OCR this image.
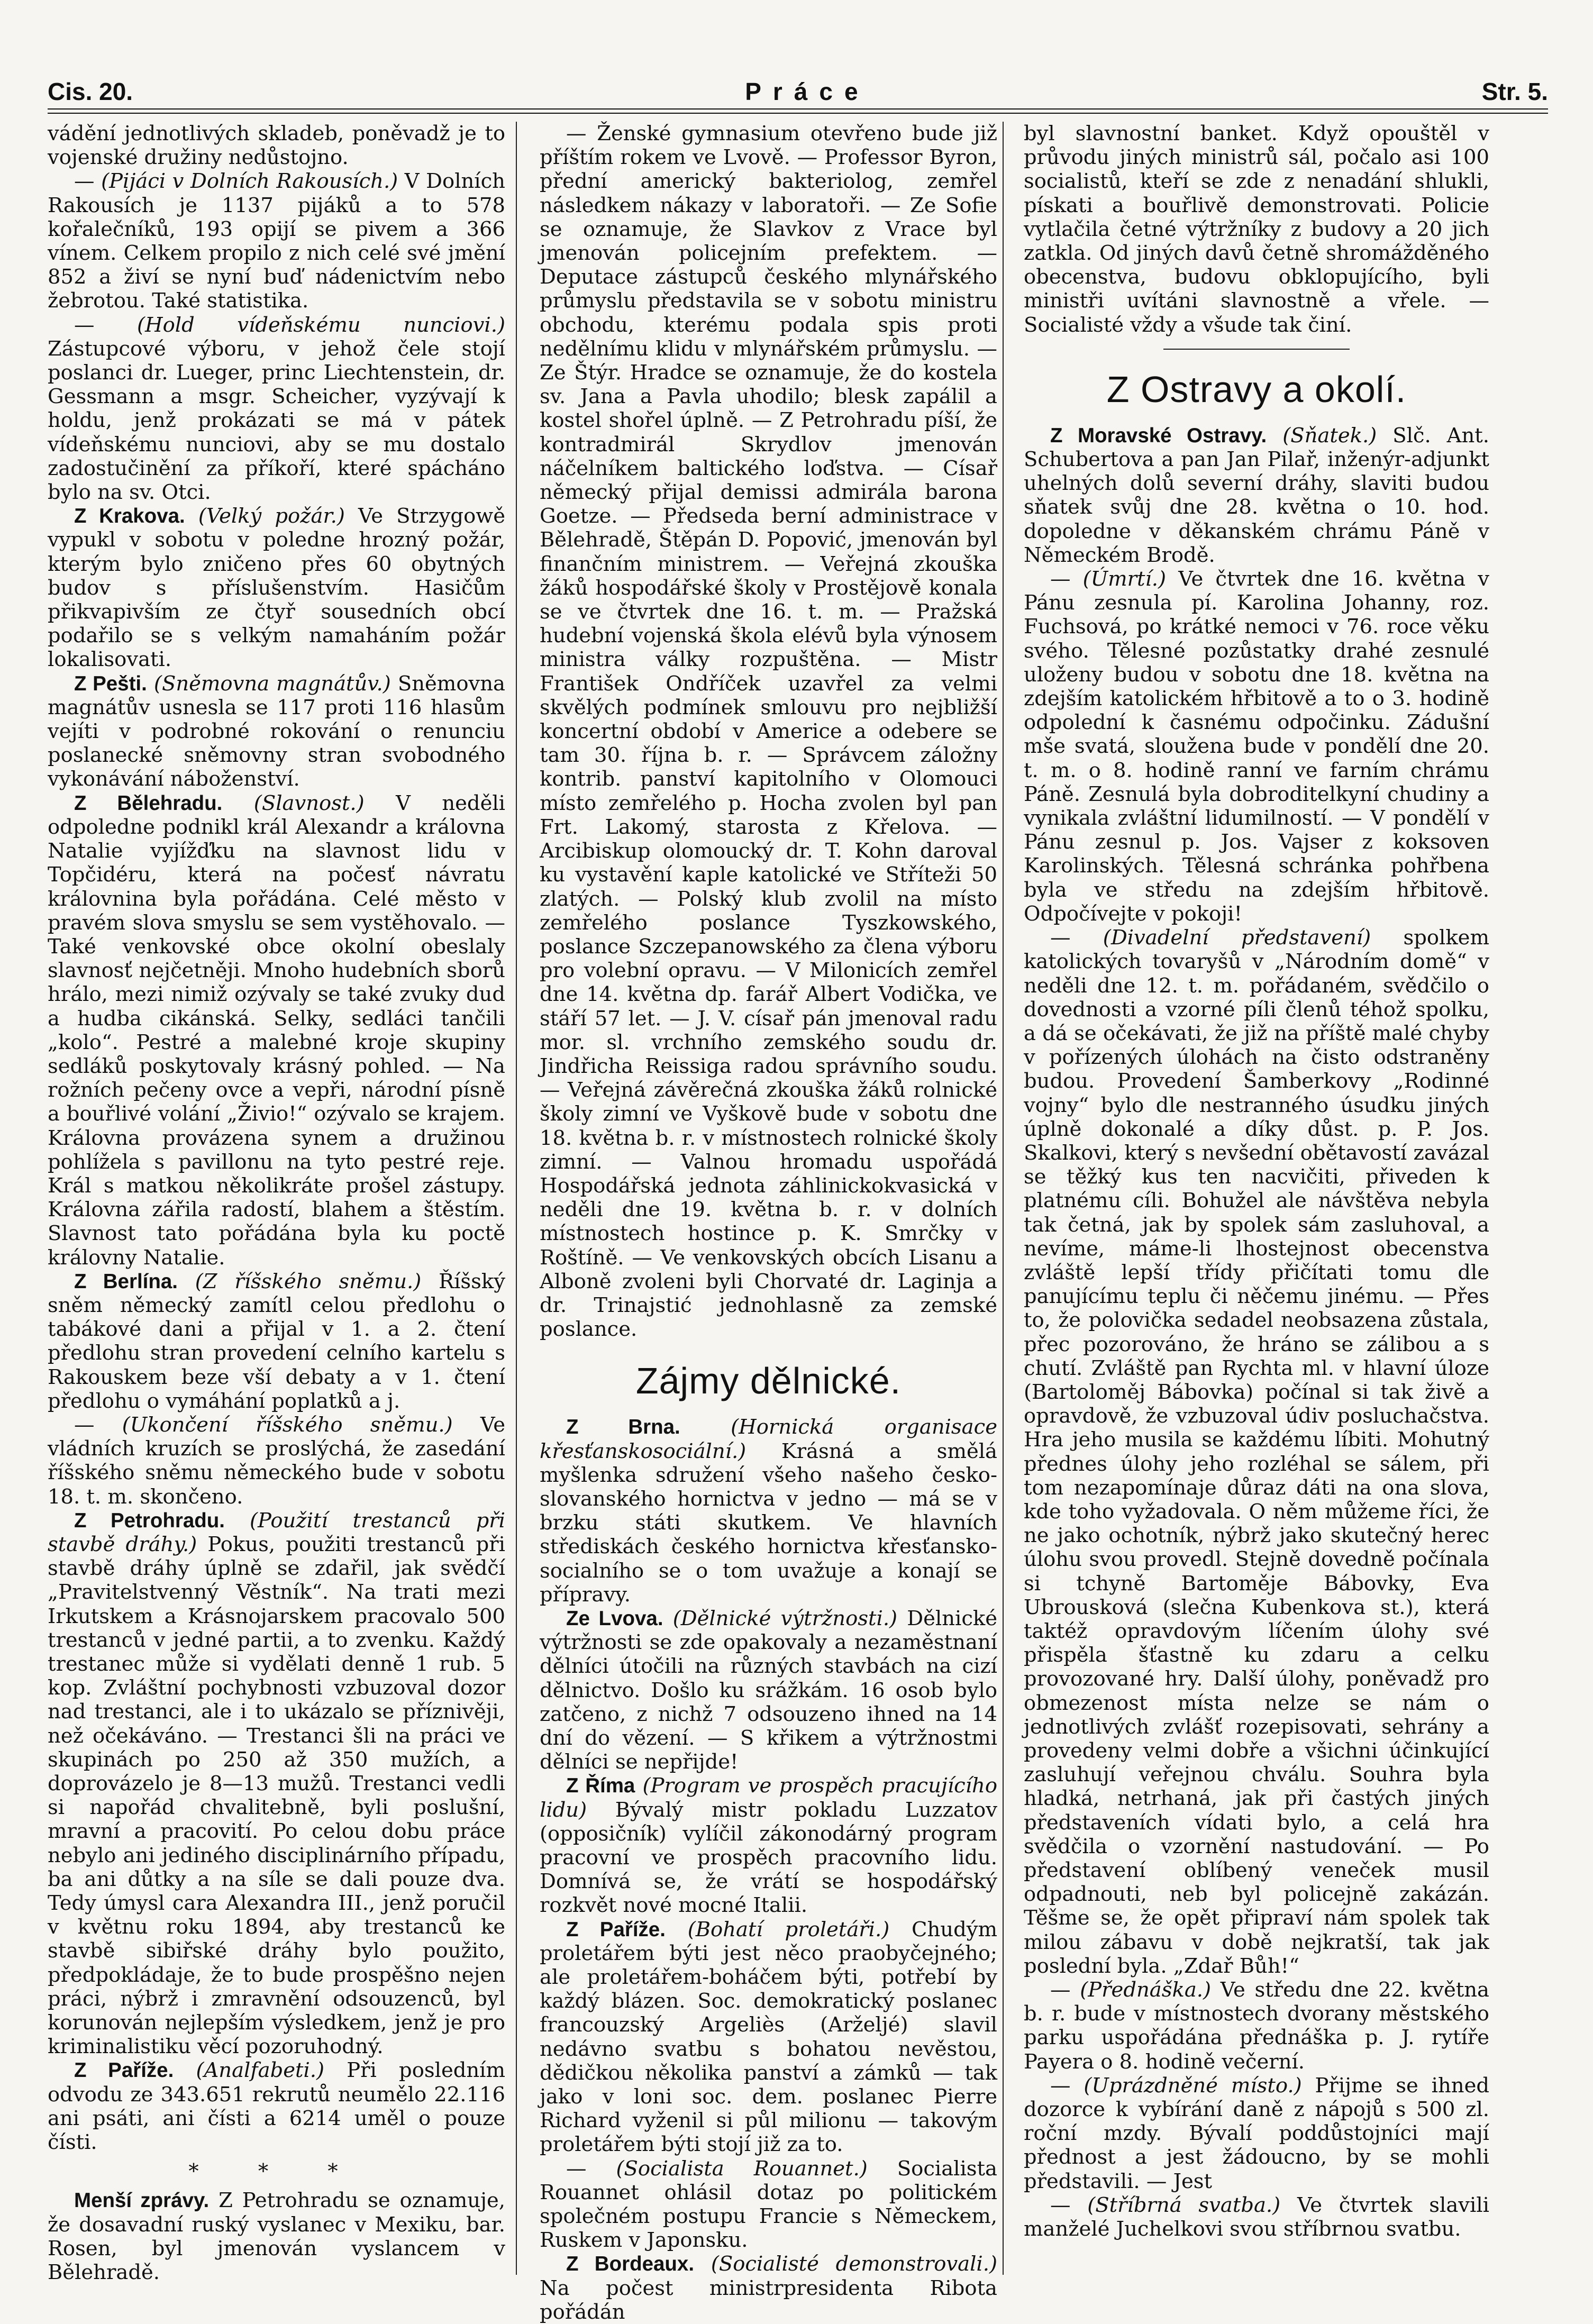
Cis. 20.	Práce	Str. 5.

vádění jednotlivých skladeb, poněvadž je to vojenské družiny nedůstojno.

— (Pijáci v Dolních Rakousích.) V Dolních Rakousích je 1137 pijáků a to 578 kořalečníků, 193 opijí se pivem a 366 vínem. Celkem propilo z nich celé své jmění 852 a živí se nyní buď nádenictvím nebo žebrotou. Také statistika.

— (Hold vídeňskému nunciovi.) Zástupcové výboru, v jehož čele stojí poslanci dr. Lueger, princ Liechtenstein, dr. Gessmann a msgr. Scheicher, vyzývají k holdu, jenž prokázati se má v pátek vídeňskému nunciovi, aby se mu dostalo zadostučinění za příkoří, které spácháno bylo na sv. Otci.

Z Krakova. (Velký požár.) Ve Strzygowě vypukl v sobotu v poledne hrozný požár, kterým bylo zničeno přes 60 obytných budov s příslušenstvím. Hasičům přikvapivším ze čtyř sousedních obcí podařilo se s velkým namaháním požár lokalisovati.

Z Pešti. (Sněmovna magnátův.) Sněmovna magnátův usnesla se 117 proti 116 hlasům vejíti v podrobné rokování o renunciu poslanecké sněmovny stran svobodného vykonávání náboženství.

Z Bělehradu. (Slavnost.) V neděli odpoledne podnikl král Alexandr a královna Natalie vyjížďku na slavnost lidu v Topčidéru, která na počesť návratu královnina byla pořádána. Celé město v pravém slova smyslu se sem vystěhovalo. — Také venkovské obce okolní obeslaly slavnosť nejčetněji. Mnoho hudebních sborů hrálo, mezi nimiž ozývaly se také zvuky dud a hudba cikánská. Selky, sedláci tančili „kolo“. Pestré a malebné kroje skupiny sedláků poskytovaly krásný pohled. — Na rožních pečeny ovce a vepři, národní písně a bouřlivé volání „Živio!“ ozývalo se krajem. Královna provázena synem a družinou pohlížela s pavillonu na tyto pestré reje. Král s matkou několikráte prošel zástupy. Královna zářila radostí, blahem a štěstím. Slavnost tato pořádána byla ku poctě královny Natalie.

Z Berlína. (Z říšského sněmu.) Říšský sněm německý zamítl celou předlohu o tabákové dani a přijal v 1. a 2. čtení předlohu stran provedení celního kartelu s Rakouskem beze vší debaty a v 1. čtení předlohu o vymáhání poplatků a j.

— (Ukončení říšského sněmu.) Ve vládních kruzích se proslýchá, že zasedání říšského sněmu německého bude v sobotu 18. t. m. skončeno.

Z Petrohradu. (Použití trestanců při stavbě dráhy.) Pokus, použiti trestanců při stavbě dráhy úplně se zdařil, jak svědčí „Pravitelstvenný Věstník“. Na trati mezi Irkutskem a Krásnojarskem pracovalo 500 trestanců v jedné partii, a to zvenku. Každý trestanec může si vydělati denně 1 rub. 5 kop. Zvláštní pochybnosti vzbuzoval dozor nad trestanci, ale i to ukázalo se příznivěji, než očekáváno. — Trestanci šli na práci ve skupinách po 250 až 350 mužích, a doprovázelo je 8—13 mužů. Trestanci vedli si napořád chvalitebně, byli poslušní, mravní a pracovití. Po celou dobu práce nebylo ani jediného disciplinárního případu, ba ani důtky a na síle se dali pouze dva. Tedy úmysl cara Alexandra III., jenž poručil v květnu roku 1894, aby trestanců ke stavbě sibiřské dráhy bylo použito, předpokládaje, že to bude prospěšno nejen práci, nýbrž i zmravnění odsouzenců, byl korunován nejlepším výsledkem, jenž je pro kriminalistiku věcí pozoruhodný.

Z Paříže. (Analfabeti.) Při posledním odvodu ze 343.651 rekrutů neumělo 22.116 ani psáti, ani čísti a 6214 uměl o pouze čísti.

* * *

Menší zprávy. Z Petrohradu se oznamuje, že dosavadní ruský vyslanec v Mexiku, bar. Rosen, byl jmenován vyslancem v Bělehradě.

— Ženské gymnasium otevřeno bude již příštím rokem ve Lvově. — Professor Byron, přední americký bakteriolog, zemřel následkem nákazy v laboratoři. — Ze Sofie se oznamuje, že Slavkov z Vrace byl jmenován policejním prefektem. — Deputace zástupců českého mlynářského průmyslu představila se v sobotu ministru obchodu, kterému podala spis proti nedělnímu klidu v mlynářském průmyslu. — Ze Štýr. Hradce se oznamuje, že do kostela sv. Jana a Pavla uhodilo; blesk zapálil a kostel shořel úplně. — Z Petrohradu píší, že kontradmirál Skrydlov jmenován náčelníkem baltického loďstva. — Císař německý přijal demissi admirála barona Goetze. — Předseda berní administrace v Bělehradě, Štěpán D. Popović, jmenován byl finančním ministrem. — Veřejná zkouška žáků hospodářské školy v Prostějově konala se ve čtvrtek dne 16. t. m. — Pražská hudební vojenská škola elévů byla výnosem ministra války rozpuštěna. — Mistr František Ondříček uzavřel za velmi skvělých podmínek smlouvu pro nejbližší koncertní období v Americe a odebere se tam 30. října b. r. — Správcem záložny kontrib. panství kapitolního v Olomouci místo zemřelého p. Hocha zvolen byl pan Frt. Lakomý, starosta z Křelova. — Arcibiskup olomoucký dr. T. Kohn daroval ku vystavění kaple katolické ve Stříteži 50 zlatých. — Polský klub zvolil na místo zemřelého poslance Tyszkowského, poslance Szczepanowského za člena výboru pro volební opravu. — V Milonicích zemřel dne 14. května dp. farář Albert Vodička, ve stáří 57 let. — J. V. císař pán jmenoval radu mor. sl. vrchního zemského soudu dr. Jindřicha Reissiga radou správního soudu. — Veřejná závěrečná zkouška žáků rolnické školy zimní ve Vyškově bude v sobotu dne 18. května b. r. v místnostech rolnické školy zimní. — Valnou hromadu uspořádá Hospodářská jednota záhlinickokvasická v neděli dne 19. května b. r. v dolních místnostech hostince p. K. Smrčky v Roštíně. — Ve venkovských obcích Lisanu a Alboně zvoleni byli Chorvaté dr. Laginja a dr. Trinajstić jednohlasně za zemské poslance.

Zájmy dělnické.

Z Brna. (Hornická organisace křesťanskosociální.) Krásná a smělá myšlenka sdružení všeho našeho česko-slovanského hornictva v jedno — má se v brzku státi skutkem. Ve hlavních střediskách českého hornictva křesťansko-socialního se o tom uvažuje a konají se přípravy.

Ze Lvova. (Dělnické výtržnosti.) Dělnické výtržnosti se zde opakovaly a nezaměstnaní dělníci útočili na různých stavbách na cizí dělnictvo. Došlo ku srážkám. 16 osob bylo zatčeno, z nichž 7 odsouzeno ihned na 14 dní do vězení. — S křikem a výtržnostmi dělníci se nepřijde!

Z Říma (Program ve prospěch pracujícího lidu) Bývalý mistr pokladu Luzzatov (opposičník) vylíčil zákonodárný program pracovní ve prospěch pracovního lidu. Domnívá se, že vrátí se hospodářský rozkvět nové mocné Italii.

Z Paříže. (Bohatí proletáři.) Chudým proletářem býti jest něco praobyčejného; ale proletářem-boháčem býti, potřebí by každý blázen. Soc. demokratický poslanec francouzský Argeliès (Arželjé) slavil nedávno svatbu s bohatou nevěstou, dědičkou několika panství a zámků — tak jako v loni soc. dem. poslanec Pierre Richard vyženil si půl milionu — takovým proletářem býti stojí již za to.

— (Socialista Rouannet.) Socialista Rouannet ohlásil dotaz po politickém společném postupu Francie s Německem, Ruskem v Japonsku.

Z Bordeaux. (Socialisté demonstrovali.) Na počest ministrpresidenta Ribota pořádán

byl slavnostní banket. Když opouštěl v průvodu jiných ministrů sál, počalo asi 100 socialistů, kteří se zde z nenadání shlukli, pískati a bouřlivě demonstrovati. Policie vytlačila četné výtržníky z budovy a 20 jich zatkla. Od jiných davů četně shromážděného obecenstva, budovu obklopujícího, byli ministři uvítáni slavnostně a vřele. — Socialisté vždy a všude tak činí.

Z Ostravy a okolí.

Z Moravské Ostravy. (Sňatek.) Slč. Ant. Schubertova a pan Jan Pilař, inženýr-adjunkt uhelných dolů severní dráhy, slaviti budou sňatek svůj dne 28. května o 10. hod. dopoledne v děkanském chrámu Páně v Německém Brodě.

— (Úmrtí.) Ve čtvrtek dne 16. května v Pánu zesnula pí. Karolina Johanny, roz. Fuchsová, po krátké nemoci v 76. roce věku svého. Tělesné pozůstatky drahé zesnulé uloženy budou v sobotu dne 18. května na zdejším katolickém hřbitově a to o 3. hodině odpolední k časnému odpočinku. Zádušní mše svatá, sloužena bude v pondělí dne 20. t. m. o 8. hodině ranní ve farním chrámu Páně. Zesnulá byla dobroditelkyní chudiny a vynikala zvláštní lidumilností. — V pondělí v Pánu zesnul p. Jos. Vajser z koksoven Karolinských. Tělesná schránka pohřbena byla ve středu na zdejším hřbitově. Odpočívejte v pokoji!

— (Divadelní představení) spolkem katolických tovaryšů v „Národním domě“ v neděli dne 12. t. m. pořádaném, svědčilo o dovednosti a vzorné píli členů téhož spolku, a dá se očekávati, že již na příště malé chyby v pořízených úlohách na čisto odstraněny budou. Provedení Šamberkovy „Rodinné vojny“ bylo dle nestranného úsudku jiných úplně dokonalé a díky důst. p. P. Jos. Skalkovi, který s nevšední obětavostí zavázal se těžký kus ten nacvičiti, přiveden k platnému cíli. Bohužel ale návštěva nebyla tak četná, jak by spolek sám zasluhoval, a nevíme, máme-li lhostejnost obecenstva zvláště lepší třídy přičítati tomu dle panujícímu teplu či něčemu jinému. — Přes to, že polovička sedadel neobsazena zůstala, přec pozorováno, že hráno se zálibou a s chutí. Zvláště pan Rychta ml. v hlavní úloze (Bartoloměj Bábovka) počínal si tak živě a opravdově, že vzbuzoval údiv posluchačstva. Hra jeho musila se každému líbiti. Mohutný přednes úlohy jeho rozléhal se sálem, při tom nezapomínaje důraz dáti na ona slova, kde toho vyžadovala. O něm můžeme říci, že ne jako ochotník, nýbrž jako skutečný herec úlohu svou provedl. Stejně dovedně počínala si tchyně Bartoměje Bábovky, Eva Ubrousková (slečna Kubenkova st.), která taktéž opravdovým líčením úlohy své přispěla šťastně ku zdaru a celku provozované hry. Další úlohy, poněvadž pro obmezenost místa nelze se nám o jednotlivých zvlášť rozepisovati, sehrány a provedeny velmi dobře a všichni účinkující zasluhují veřejnou chválu. Souhra byla hladká, netrhaná, jak při častých jiných představeních vídati bylo, a celá hra svědčila o vzornění nastudování. — Po představení oblíbený veneček musil odpadnouti, neb byl policejně zakázán. Těšme se, že opět připraví nám spolek tak milou zábavu v době nejkratší, tak jak poslední byla. „Zdař Bůh!“

— (Přednáška.) Ve středu dne 22. května b. r. bude v místnostech dvorany městského parku uspořádána přednáška p. J. rytíře Payera o 8. hodině večerní.

— (Uprázdněné místo.) Přijme se ihned dozorce k vybírání daně z nápojů s 500 zl. roční mzdy. Bývalí poddůstojníci mají přednost a jest žádoucno, by se mohli představili. — Jest

— (Stříbrná svatba.) Ve čtvrtek slavili manželé Juchelkovi svou stříbrnou svatbu.
